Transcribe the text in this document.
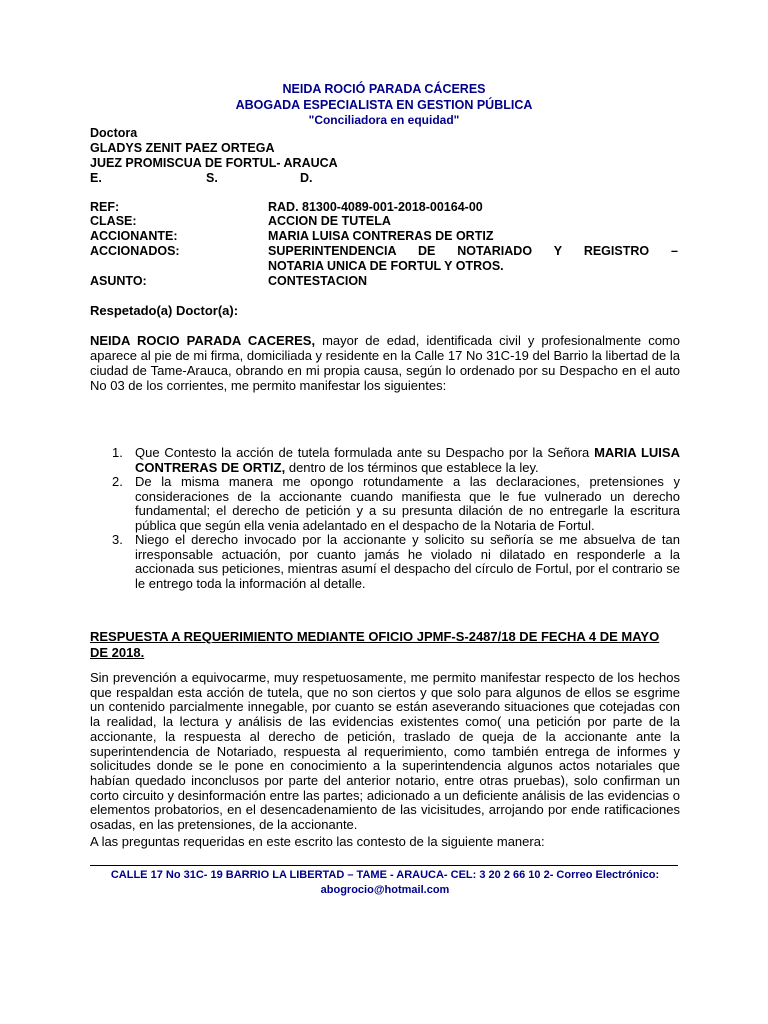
NEIDA ROCIÓ PARADA CÁCERES
ABOGADA ESPECIALISTA EN GESTION PÚBLICA
"Conciliadora en equidad"
Doctora
GLADYS ZENIT PAEZ ORTEGA
JUEZ PROMISCUA DE FORTUL- ARAUCA
E.	S.	D.
REF:	RAD. 81300-4089-001-2018-00164-00
CLASE:	ACCION DE TUTELA
ACCIONANTE:	MARIA LUISA CONTRERAS DE ORTIZ
ACCIONADOS:	SUPERINTENDENCIA DE NOTARIADO Y REGISTRO –
NOTARIA UNICA DE FORTUL Y OTROS.
ASUNTO:	CONTESTACION
Respetado(a) Doctor(a):
NEIDA ROCIO PARADA CACERES, mayor de edad, identificada civil y profesionalmente como aparece al pie de mi firma, domiciliada y residente en la Calle 17 No 31C-19 del Barrio la libertad de la ciudad de Tame-Arauca, obrando en mi propia causa, según lo ordenado por su Despacho en el auto No 03 de los corrientes, me permito manifestar los siguientes:
1. Que Contesto la acción de tutela formulada ante su Despacho por la Señora MARIA LUISA CONTRERAS DE ORTIZ, dentro de los términos que establece la ley.
2. De la misma manera me opongo rotundamente a las declaraciones, pretensiones y consideraciones de la accionante cuando manifiesta que le fue vulnerado un derecho fundamental; el derecho de petición y a su presunta dilación de no entregarle la escritura pública que según ella venia adelantado en el despacho de la Notaria de Fortul.
3. Niego el derecho invocado por la accionante y solicito su señoría se me absuelva de tan irresponsable actuación, por cuanto jamás he violado ni dilatado en responderle a la accionada sus peticiones, mientras asumí el despacho del círculo de Fortul, por el contrario se le entrego toda la información al detalle.
RESPUESTA A REQUERIMIENTO MEDIANTE OFICIO JPMF-S-2487/18 DE FECHA 4 DE MAYO DE 2018.
Sin prevención a equivocarme, muy respetuosamente, me permito manifestar respecto de los hechos que respaldan esta acción de tutela, que no son ciertos y que solo para algunos de ellos se esgrime un contenido parcialmente innegable, por cuanto se están aseverando situaciones que cotejadas con la realidad, la lectura y análisis de las evidencias existentes como( una petición por parte de la accionante, la respuesta al derecho de petición, traslado de queja de la accionante ante la superintendencia de Notariado, respuesta al requerimiento, como también entrega de informes y solicitudes donde se le pone en conocimiento a la superintendencia algunos actos notariales que habían quedado inconclusos por parte del anterior notario, entre otras pruebas), solo confirman un corto circuito y desinformación entre las partes; adicionado a un deficiente análisis de las evidencias o elementos probatorios, en el desencadenamiento de las vicisitudes, arrojando por ende ratificaciones osadas, en las pretensiones, de la accionante.
A las preguntas requeridas en este escrito las contesto de la siguiente manera:
CALLE 17 No 31C- 19 BARRIO LA LIBERTAD – TAME - ARAUCA- CEL: 3 20 2 66 10 2- Correo Electrónico:
abogrocio@hotmail.com
